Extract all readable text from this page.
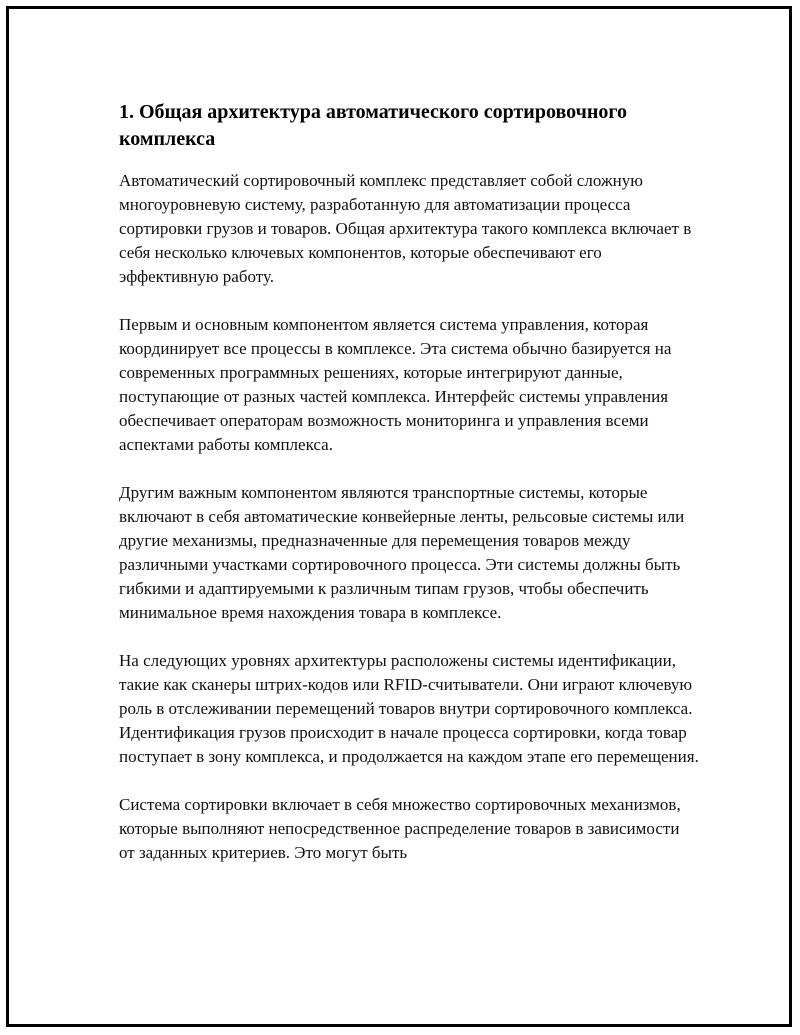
1. Общая архитектура автоматического сортировочного комплекса

Автоматический сортировочный комплекс представляет собой сложную многоуровневую систему, разработанную для автоматизации процесса сортировки грузов и товаров. Общая архитектура такого комплекса включает в себя несколько ключевых компонентов, которые обеспечивают его эффективную работу.

Первым и основным компонентом является система управления, которая координирует все процессы в комплексе. Эта система обычно базируется на современных программных решениях, которые интегрируют данные, поступающие от разных частей комплекса. Интерфейс системы управления обеспечивает операторам возможность мониторинга и управления всеми аспектами работы комплекса.

Другим важным компонентом являются транспортные системы, которые включают в себя автоматические конвейерные ленты, рельсовые системы или другие механизмы, предназначенные для перемещения товаров между различными участками сортировочного процесса. Эти системы должны быть гибкими и адаптируемыми к различным типам грузов, чтобы обеспечить минимальное время нахождения товара в комплексе.

На следующих уровнях архитектуры расположены системы идентификации, такие как сканеры штрих-кодов или RFID-считыватели. Они играют ключевую роль в отслеживании перемещений товаров внутри сортировочного комплекса. Идентификация грузов происходит в начале процесса сортировки, когда товар поступает в зону комплекса, и продолжается на каждом этапе его перемещения.

Система сортировки включает в себя множество сортировочных механизмов, которые выполняют непосредственное распределение товаров в зависимости от заданных критериев. Это могут быть
